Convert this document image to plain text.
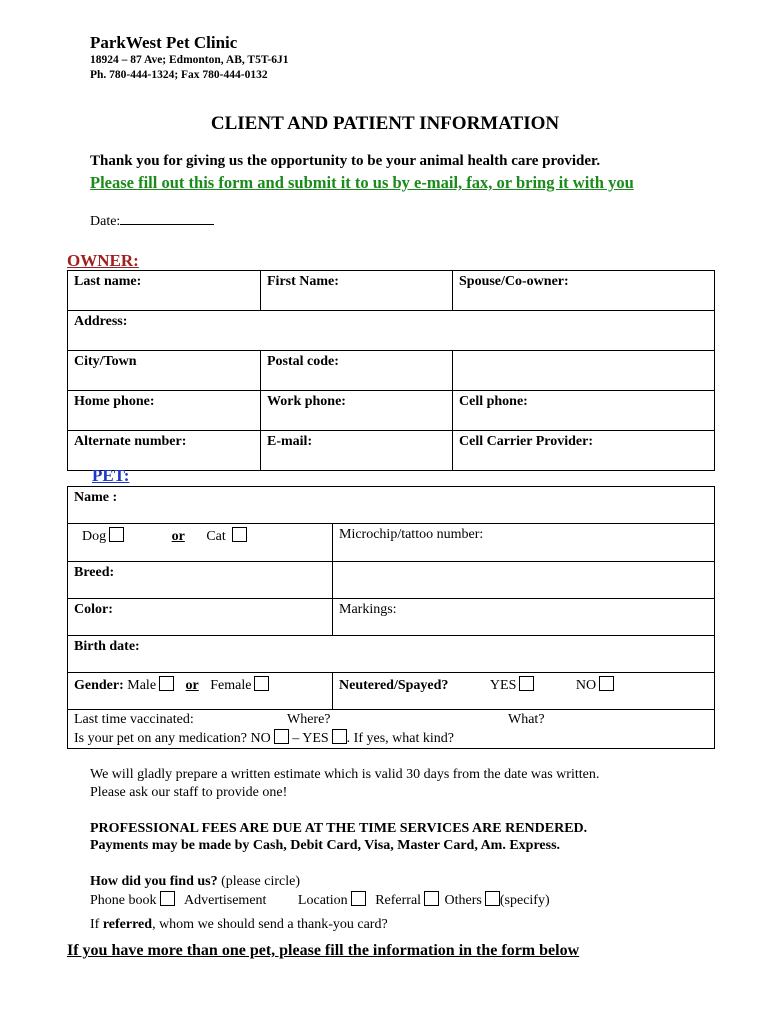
ParkWest Pet Clinic
18924 – 87 Ave; Edmonton, AB, T5T-6J1
Ph. 780-444-1324; Fax 780-444-0132
CLIENT AND PATIENT INFORMATION
Thank you for giving us the opportunity to be your animal health care provider.
Please fill out this form and submit it to us by e-mail, fax, or bring it with you
Date:
OWNER:
Last name:	First Name:	Spouse/Co-owner:
Address:		
City/Town	Postal code:	
Home phone:	Work phone:	Cell phone:
Alternate number:	E-mail:	Cell Carrier Provider:
PET:
Name :	
Dog or Cat	Microchip/tattoo number:
Breed:	
Color:	Markings:
Birth date:	
Gender: Male or Female	Neutered/Spayed? YES NO

Last time vaccinated: Where? What?
Is your pet on any medication? NO – YES . If yes, what kind?	
We will gladly prepare a written estimate which is valid 30 days from the date was written.
Please ask our staff to provide one!
PROFESSIONAL FEES ARE DUE AT THE TIME SERVICES ARE RENDERED.
Payments may be made by Cash, Debit Card, Visa, Master Card, Am. Express.
How did you find us? (please circle)
Phone book Advertisement Location Referral Others (specify)
If referred, whom we should send a thank-you card?
If you have more than one pet, please fill the information in the form below
